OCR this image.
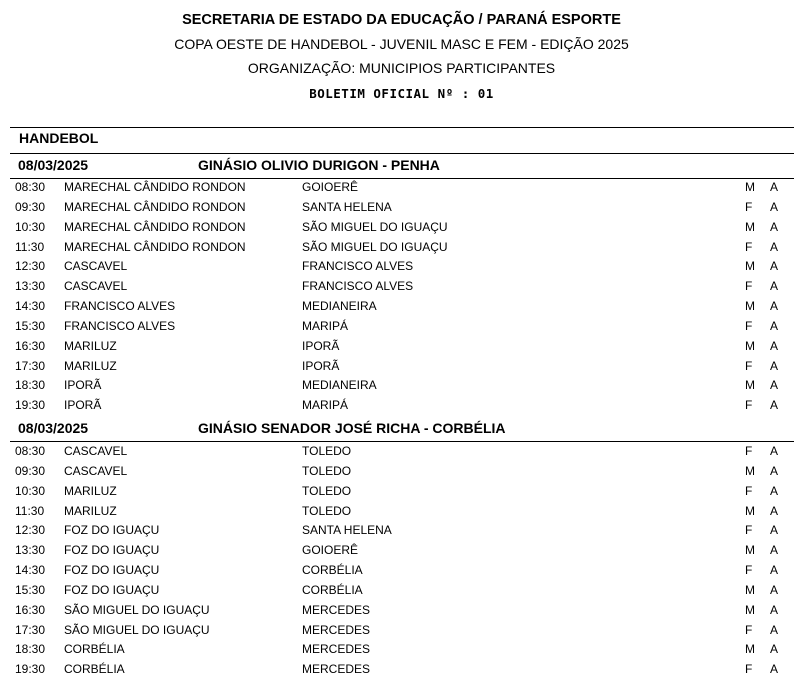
SECRETARIA DE ESTADO DA EDUCAÇÃO / PARANÁ ESPORTE
COPA OESTE DE HANDEBOL - JUVENIL MASC E FEM - EDIÇÃO 2025
ORGANIZAÇÃO: MUNICIPIOS PARTICIPANTES
BOLETIM OFICIAL Nº : 01
HANDEBOL
08/03/2025	GINÁSIO OLIVIO DURIGON - PENHA
08:30 MARECHAL CÂNDIDO RONDON	GOIOERÊ	M A
09:30 MARECHAL CÂNDIDO RONDON	SANTA HELENA	F A
10:30 MARECHAL CÂNDIDO RONDON	SÃO MIGUEL DO IGUAÇU	M A
11:30 MARECHAL CÂNDIDO RONDON	SÃO MIGUEL DO IGUAÇU	F A
12:30 CASCAVEL	FRANCISCO ALVES	M A
13:30 CASCAVEL	FRANCISCO ALVES	F A
14:30 FRANCISCO ALVES	MEDIANEIRA	M A
15:30 FRANCISCO ALVES	MARIPÁ	F A
16:30 MARILUZ	IPORÃ	M A
17:30 MARILUZ	IPORÃ	F A
18:30 IPORÃ	MEDIANEIRA	M A
19:30 IPORÃ	MARIPÁ	F A
08/03/2025	GINÁSIO SENADOR JOSÉ RICHA - CORBÉLIA
08:30 CASCAVEL	TOLEDO	F A
09:30 CASCAVEL	TOLEDO	M A
10:30 MARILUZ	TOLEDO	F A
11:30 MARILUZ	TOLEDO	M A
12:30 FOZ DO IGUAÇU	SANTA HELENA	F A
13:30 FOZ DO IGUAÇU	GOIOERÊ	M A
14:30 FOZ DO IGUAÇU	CORBÉLIA	F A
15:30 FOZ DO IGUAÇU	CORBÉLIA	M A
16:30 SÃO MIGUEL DO IGUAÇU	MERCEDES	M A
17:30 SÃO MIGUEL DO IGUAÇU	MERCEDES	F A
18:30 CORBÉLIA	MERCEDES	M A
19:30 CORBÉLIA	MERCEDES	F A
